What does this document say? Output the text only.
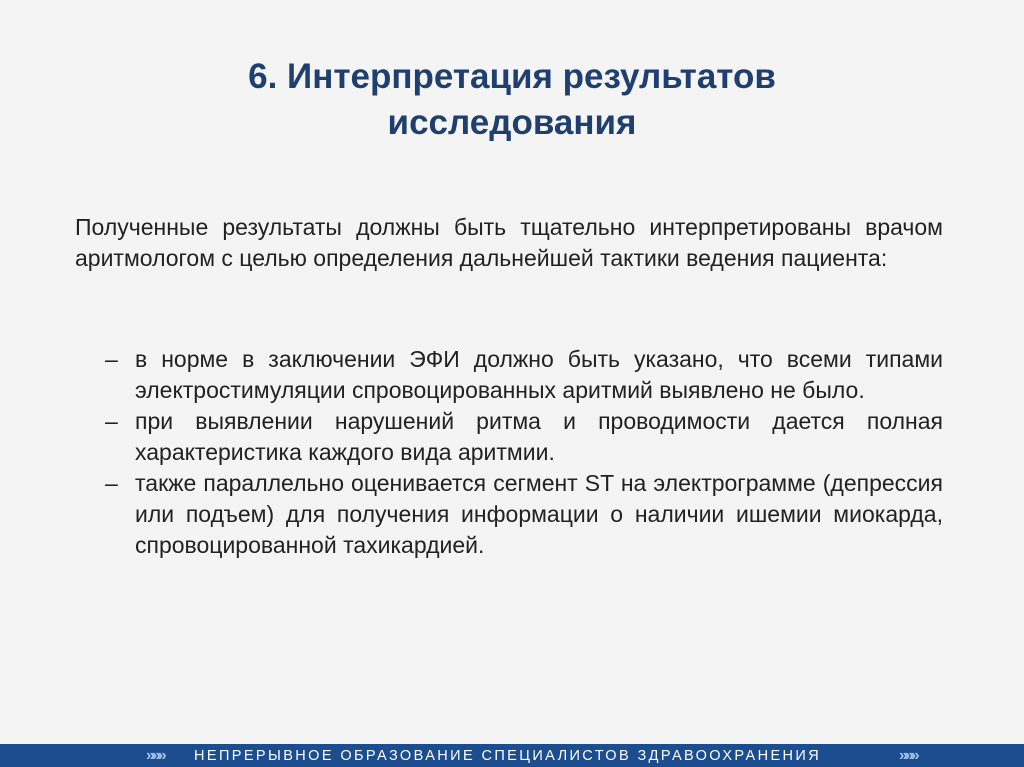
6. Интерпретация результатов
исследования

Полученные результаты должны быть тщательно интерпретированы врачом аритмологом с целью определения дальнейшей тактики ведения пациента:

– в норме в заключении ЭФИ должно быть указано, что всеми типами электростимуляции спровоцированных аритмий выявлено не было.
– при выявлении нарушений ритма и проводимости дается полная характеристика каждого вида аритмии.
– также параллельно оценивается сегмент ST на электрограмме (депрессия или подъем) для получения информации о наличии ишемии миокарда, спровоцированной тахикардией.
»»» НЕПРЕРЫВНОЕ ОБРАЗОВАНИЕ СПЕЦИАЛИСТОВ ЗДРАВООХРАНЕНИЯ	»»»
